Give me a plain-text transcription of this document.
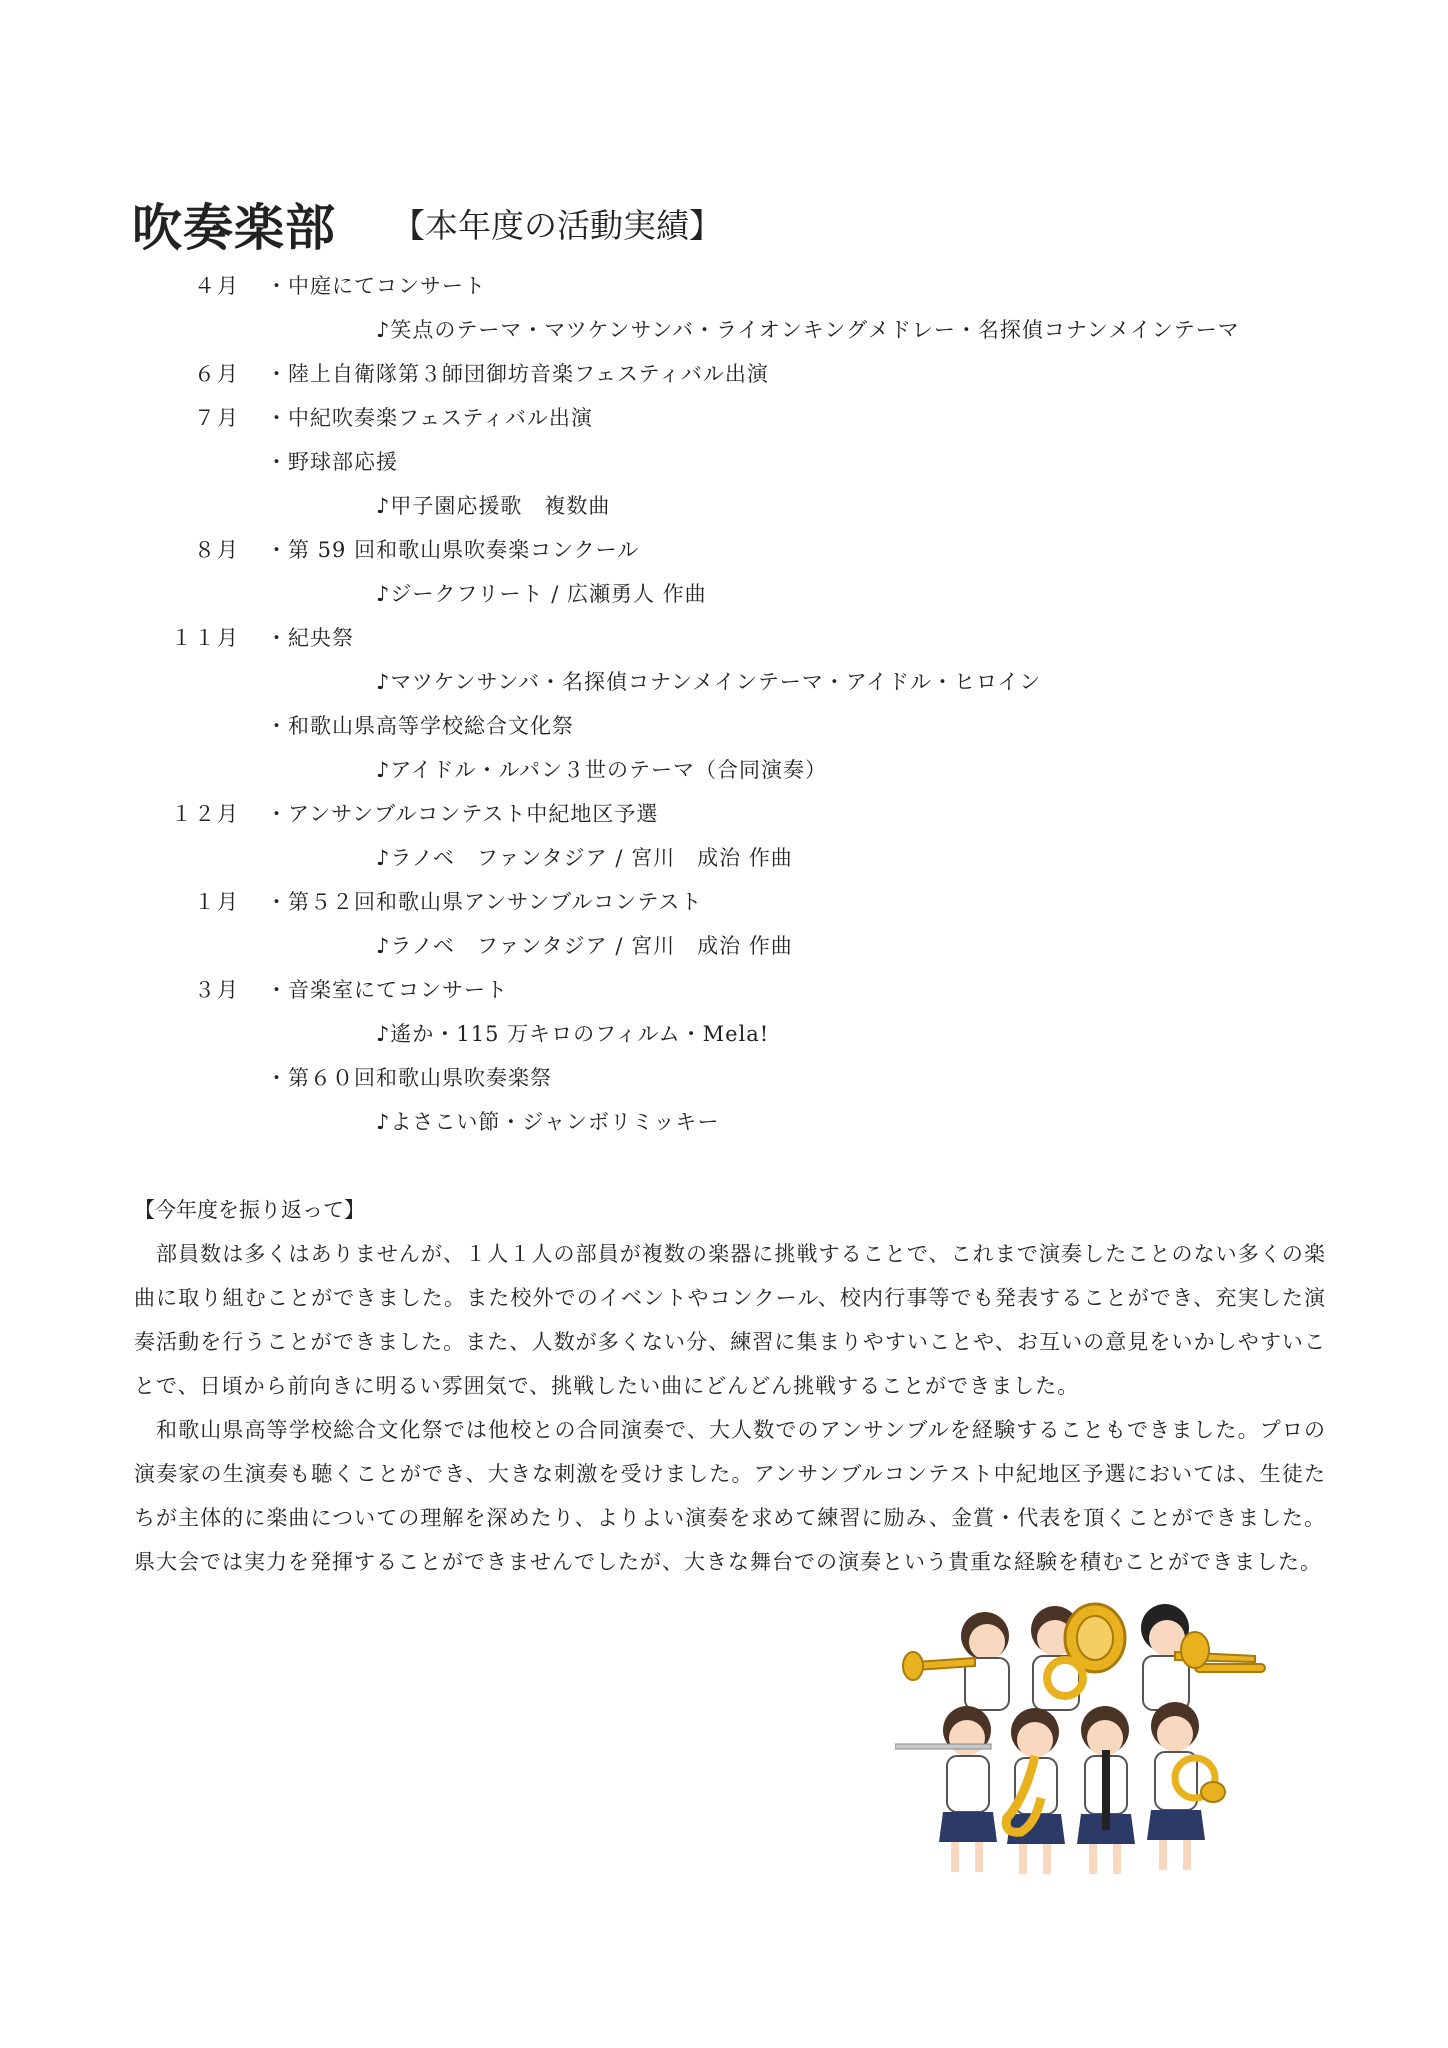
吹奏楽部 【本年度の活動実績】
４月 ・中庭にてコンサート
♪笑点のテーマ・マツケンサンバ・ライオンキングメドレー・名探偵コナンメインテーマ
６月 ・陸上自衛隊第３師団御坊音楽フェスティバル出演
７月 ・中紀吹奏楽フェスティバル出演
・野球部応援
♪甲子園応援歌　複数曲
８月 ・第 59 回和歌山県吹奏楽コンクール
♪ジークフリート / 広瀬勇人 作曲
１１月 ・紀央祭
♪マツケンサンバ・名探偵コナンメインテーマ・アイドル・ヒロイン
・和歌山県高等学校総合文化祭
♪アイドル・ルパン３世のテーマ（合同演奏）
１２月 ・アンサンブルコンテスト中紀地区予選
♪ラノベ　ファンタジア / 宮川　成治 作曲
１月 ・第５２回和歌山県アンサンブルコンテスト
♪ラノベ　ファンタジア / 宮川　成治 作曲
３月 ・音楽室にてコンサート
♪遙か・115 万キロのフィルム・Mela!
・第６０回和歌山県吹奏楽祭
♪よさこい節・ジャンボリミッキー
【今年度を振り返って】

部員数は多くはありませんが、１人１人の部員が複数の楽器に挑戦することで、これまで演奏したことのない多くの楽曲に取り組むことができました。また校外でのイベントやコンクール、校内行事等でも発表することができ、充実した演奏活動を行うことができました。また、人数が多くない分、練習に集まりやすいことや、お互いの意見をいかしやすいことで、日頃から前向きに明るい雰囲気で、挑戦したい曲にどんどん挑戦することができました。

和歌山県高等学校総合文化祭では他校との合同演奏で、大人数でのアンサンブルを経験することもできました。プロの演奏家の生演奏も聴くことができ、大きな刺激を受けました。アンサンブルコンテスト中紀地区予選においては、生徒たちが主体的に楽曲についての理解を深めたり、よりよい演奏を求めて練習に励み、金賞・代表を頂くことができました。県大会では実力を発揮することができませんでしたが、大きな舞台での演奏という貴重な経験を積むことができました。
